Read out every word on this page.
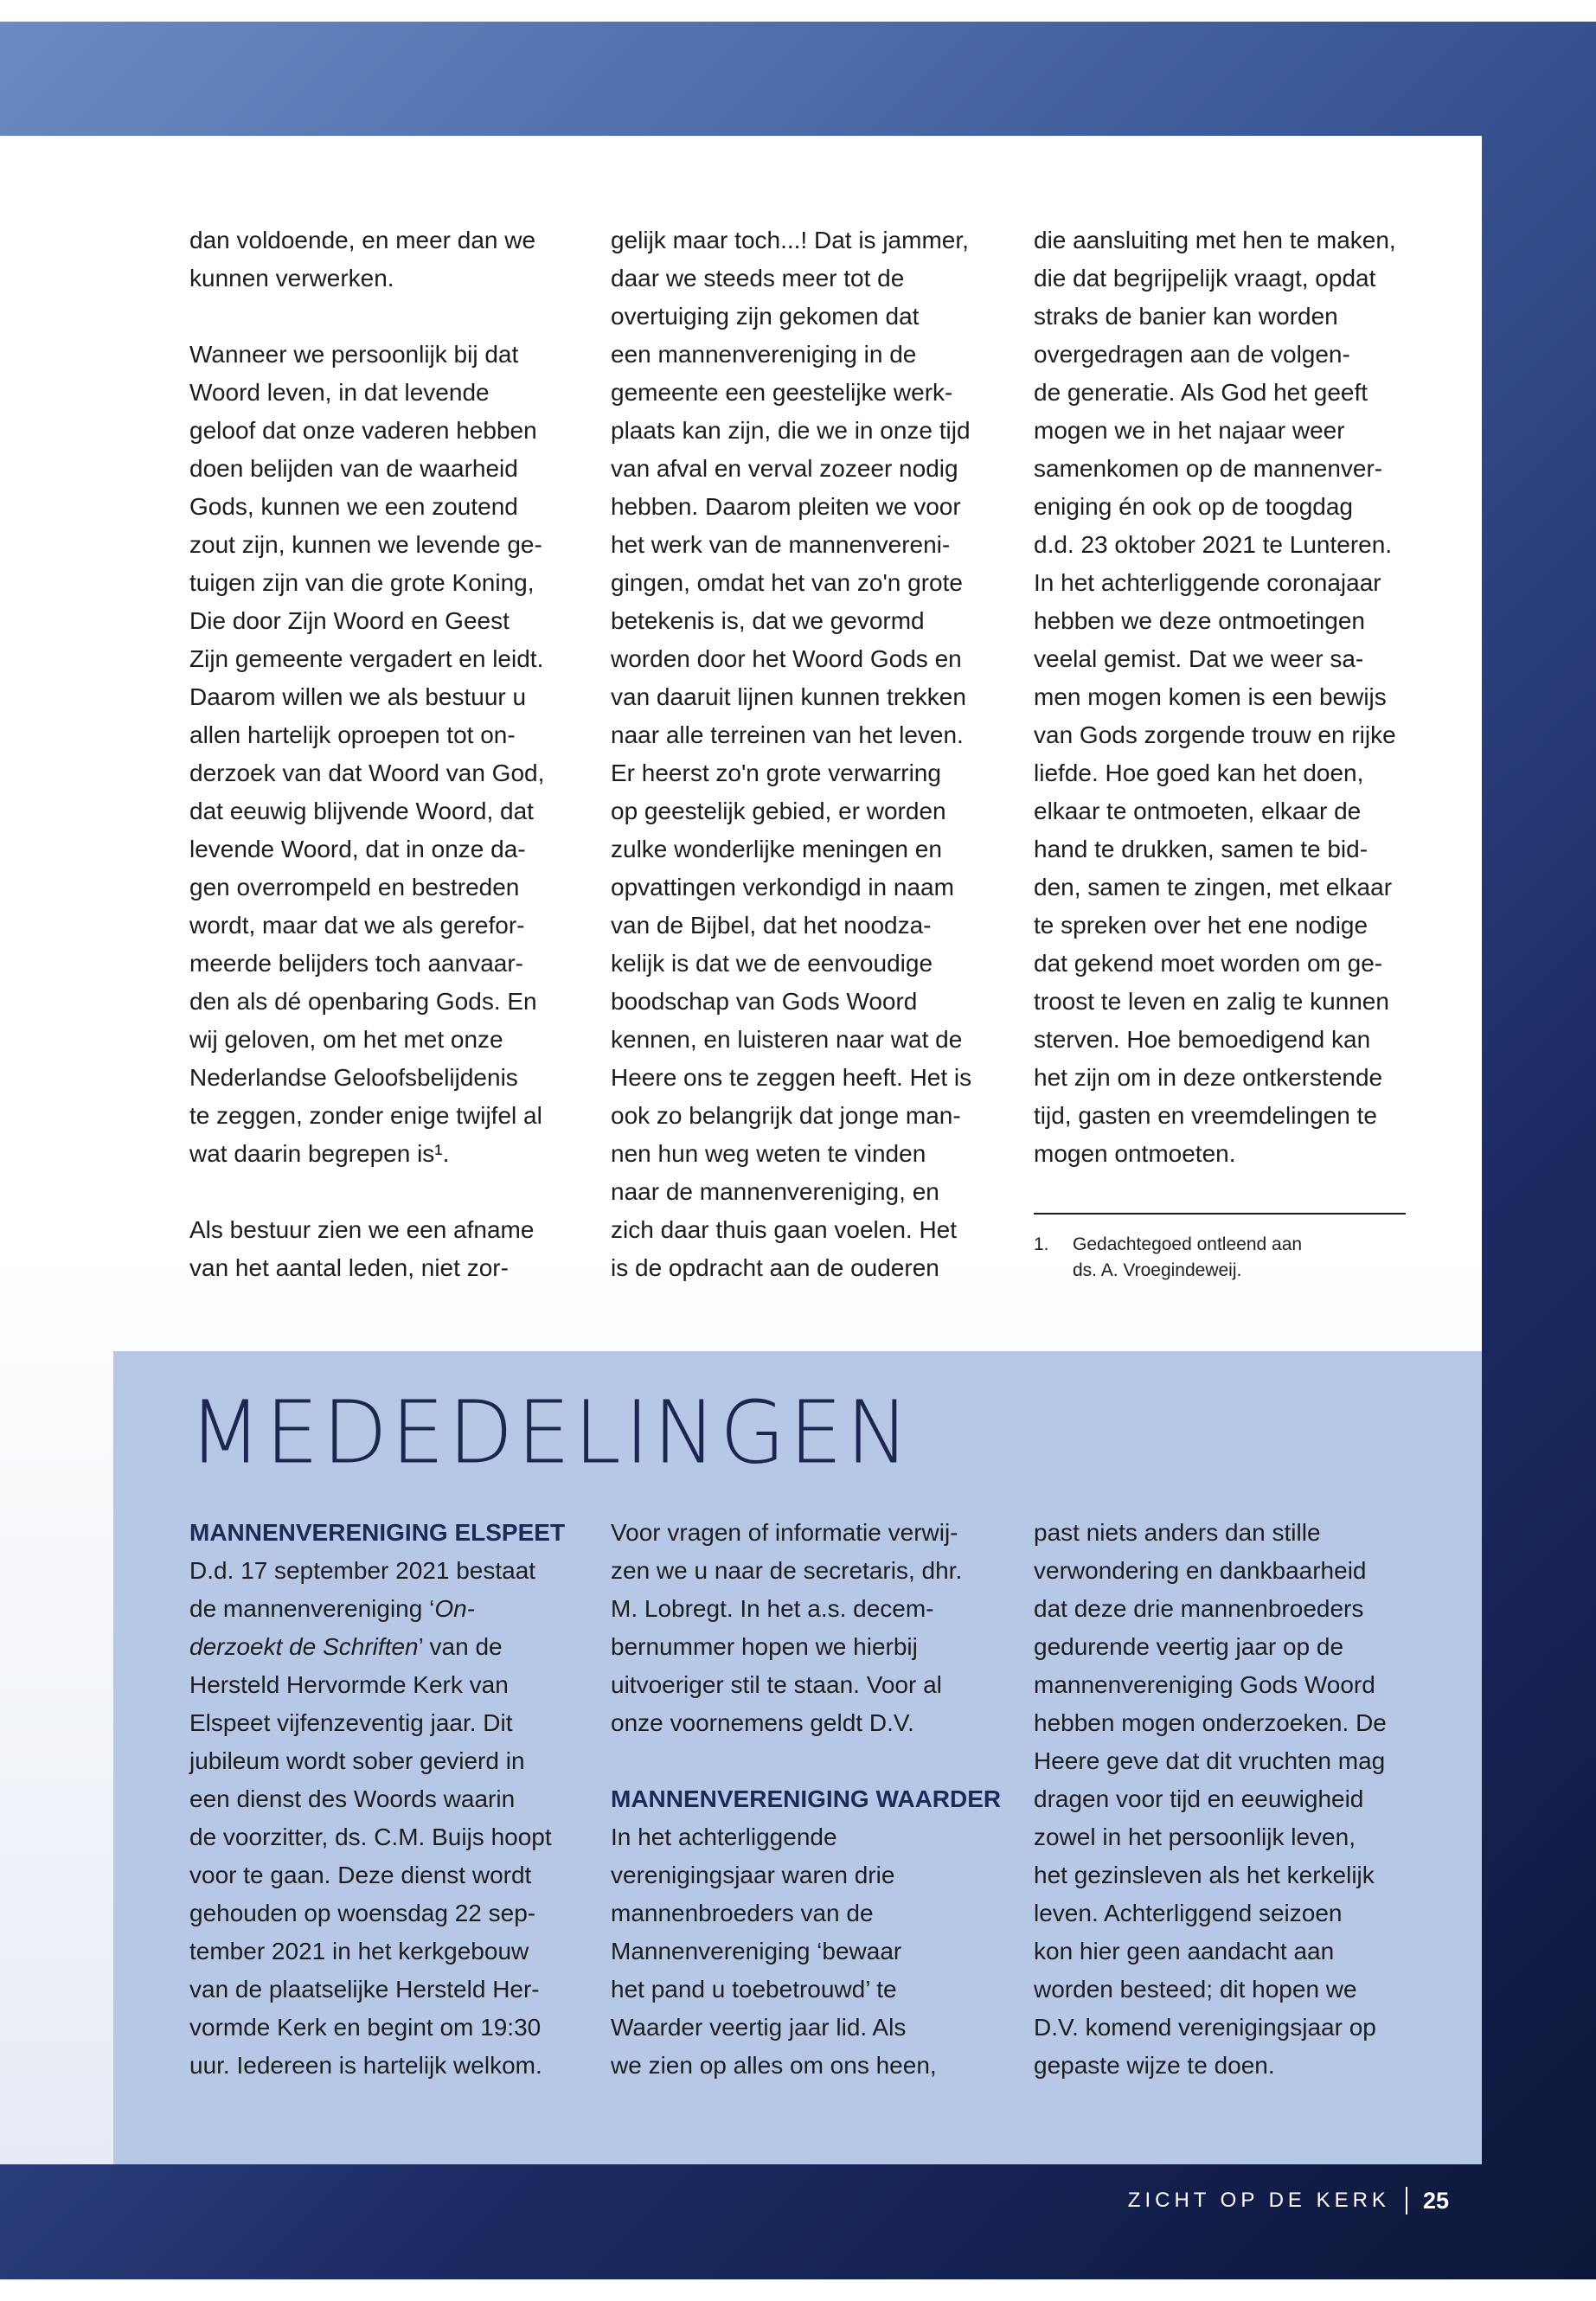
dan voldoende, en meer dan we
kunnen verwerken.
Wanneer we persoonlijk bij dat
Woord leven, in dat levende
geloof dat onze vaderen hebben
doen belijden van de waarheid
Gods, kunnen we een zoutend
zout zijn, kunnen we levende ge-
tuigen zijn van die grote Koning,
Die door Zijn Woord en Geest
Zijn gemeente vergadert en leidt.
Daarom willen we als bestuur u
allen hartelijk oproepen tot on-
derzoek van dat Woord van God,
dat eeuwig blijvende Woord, dat
levende Woord, dat in onze da-
gen overrompeld en bestreden
wordt, maar dat we als gerefor-
meerde belijders toch aanvaar-
den als dé openbaring Gods. En
wij geloven, om het met onze
Nederlandse Geloofsbelijdenis
te zeggen, zonder enige twijfel al
wat daarin begrepen is¹.
Als bestuur zien we een afname
van het aantal leden, niet zor-
gelijk maar toch...! Dat is jammer,
daar we steeds meer tot de
overtuiging zijn gekomen dat
een mannenvereniging in de
gemeente een geestelijke werk-
plaats kan zijn, die we in onze tijd
van afval en verval zozeer nodig
hebben. Daarom pleiten we voor
het werk van de mannenvereni-
gingen, omdat het van zo'n grote
betekenis is, dat we gevormd
worden door het Woord Gods en
van daaruit lijnen kunnen trekken
naar alle terreinen van het leven.
Er heerst zo'n grote verwarring
op geestelijk gebied, er worden
zulke wonderlijke meningen en
opvattingen verkondigd in naam
van de Bijbel, dat het noodza-
kelijk is dat we de eenvoudige
boodschap van Gods Woord
kennen, en luisteren naar wat de
Heere ons te zeggen heeft. Het is
ook zo belangrijk dat jonge man-
nen hun weg weten te vinden
naar de mannenvereniging, en
zich daar thuis gaan voelen. Het
is de opdracht aan de ouderen
die aansluiting met hen te maken,
die dat begrijpelijk vraagt, opdat
straks de banier kan worden
overgedragen aan de volgen-
de generatie. Als God het geeft
mogen we in het najaar weer
samenkomen op de mannenver-
eniging én ook op de toogdag
d.d. 23 oktober 2021 te Lunteren.
In het achterliggende coronajaar
hebben we deze ontmoetingen
veelal gemist. Dat we weer sa-
men mogen komen is een bewijs
van Gods zorgende trouw en rijke
liefde. Hoe goed kan het doen,
elkaar te ontmoeten, elkaar de
hand te drukken, samen te bid-
den, samen te zingen, met elkaar
te spreken over het ene nodige
dat gekend moet worden om ge-
troost te leven en zalig te kunnen
sterven. Hoe bemoedigend kan
het zijn om in deze ontkerstende
tijd, gasten en vreemdelingen te
mogen ontmoeten.
1. Gedachtegoed ontleend aan
ds. A. Vroegindeweij.
MEDEDELINGEN
MANNENVERENIGING ELSPEET
D.d. 17 september 2021 bestaat
de mannenvereniging ‘On-
derzoekt de Schriften’ van de
Hersteld Hervormde Kerk van
Elspeet vijfenzeventig jaar. Dit
jubileum wordt sober gevierd in
een dienst des Woords waarin
de voorzitter, ds. C.M. Buijs hoopt
voor te gaan. Deze dienst wordt
gehouden op woensdag 22 sep-
tember 2021 in het kerkgebouw
van de plaatselijke Hersteld Her-
vormde Kerk en begint om 19:30
uur. Iedereen is hartelijk welkom.
Voor vragen of informatie verwij-
zen we u naar de secretaris, dhr.
M. Lobregt. In het a.s. decem-
bernummer hopen we hierbij
uitvoeriger stil te staan. Voor al
onze voornemens geldt D.V.
MANNENVERENIGING WAARDER
In het achterliggende
verenigingsjaar waren drie
mannenbroeders van de
Mannenvereniging ‘bewaar
het pand u toebetrouwd’ te
Waarder veertig jaar lid. Als
we zien op alles om ons heen,
past niets anders dan stille
verwondering en dankbaarheid
dat deze drie mannenbroeders
gedurende veertig jaar op de
mannenvereniging Gods Woord
hebben mogen onderzoeken. De
Heere geve dat dit vruchten mag
dragen voor tijd en eeuwigheid
zowel in het persoonlijk leven,
het gezinsleven als het kerkelijk
leven. Achterliggend seizoen
kon hier geen aandacht aan
worden besteed; dit hopen we
D.V. komend verenigingsjaar op
gepaste wijze te doen.
ZICHT OP DE KERK 25
